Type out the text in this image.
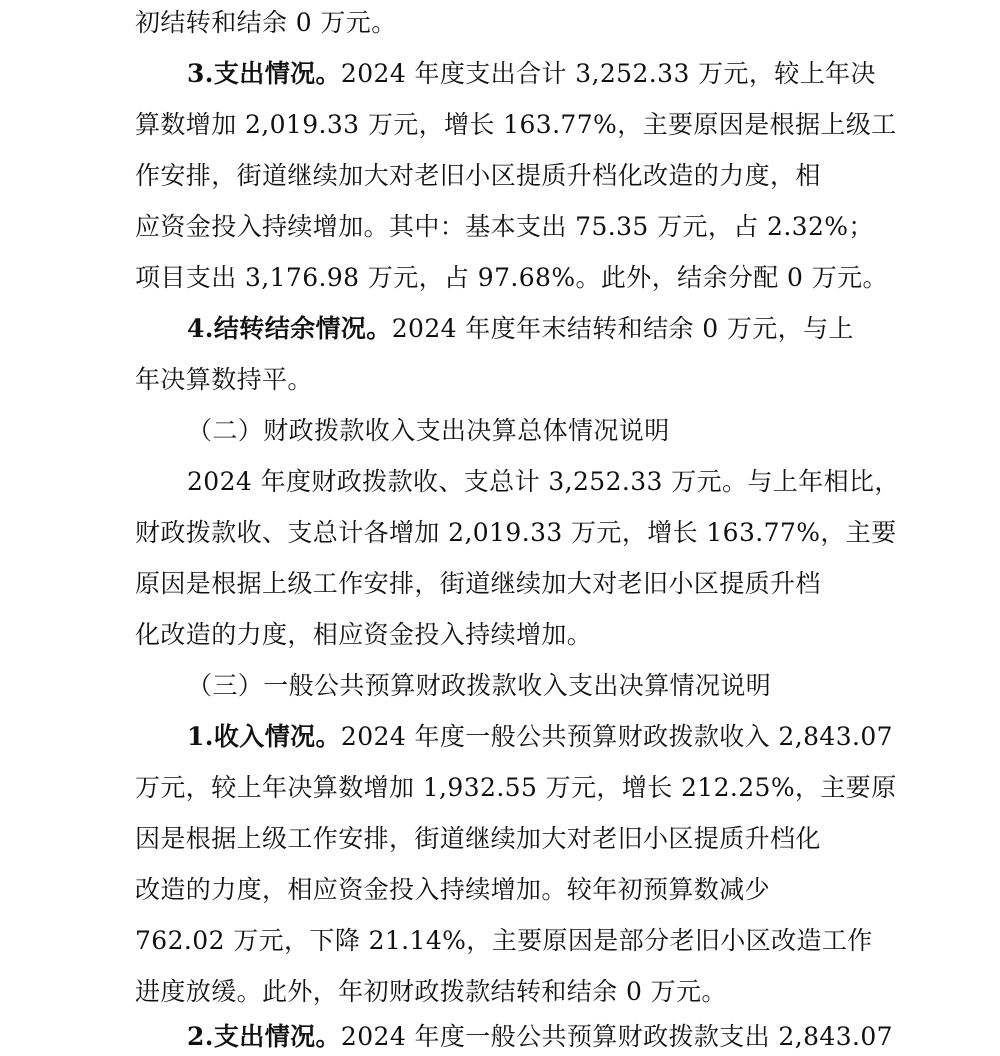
初结转和结余 0 万元。
3.支出情况。2024 年度支出合计 3,252.33 万元，较上年决
算数增加 2,019.33 万元，增长 163.77%，主要原因是根据上级工
作安排，街道继续加大对老旧小区提质升档化改造的力度，相
应资金投入持续增加。其中：基本支出 75.35 万元，占 2.32%；
项目支出 3,176.98 万元，占 97.68%。此外，结余分配 0 万元。
4.结转结余情况。2024 年度年末结转和结余 0 万元，与上
年决算数持平。
（二）财政拨款收入支出决算总体情况说明
2024 年度财政拨款收、支总计 3,252.33 万元。与上年相比，
财政拨款收、支总计各增加 2,019.33 万元，增长 163.77%，主要
原因是根据上级工作安排，街道继续加大对老旧小区提质升档
化改造的力度，相应资金投入持续增加。
（三）一般公共预算财政拨款收入支出决算情况说明
1.收入情况。2024 年度一般公共预算财政拨款收入 2,843.07
万元，较上年决算数增加 1,932.55 万元，增长 212.25%，主要原
因是根据上级工作安排，街道继续加大对老旧小区提质升档化
改造的力度，相应资金投入持续增加。较年初预算数减少
762.02 万元，下降 21.14%，主要原因是部分老旧小区改造工作
进度放缓。此外，年初财政拨款结转和结余 0 万元。
2.支出情况。2024 年度一般公共预算财政拨款支出 2,843.07
